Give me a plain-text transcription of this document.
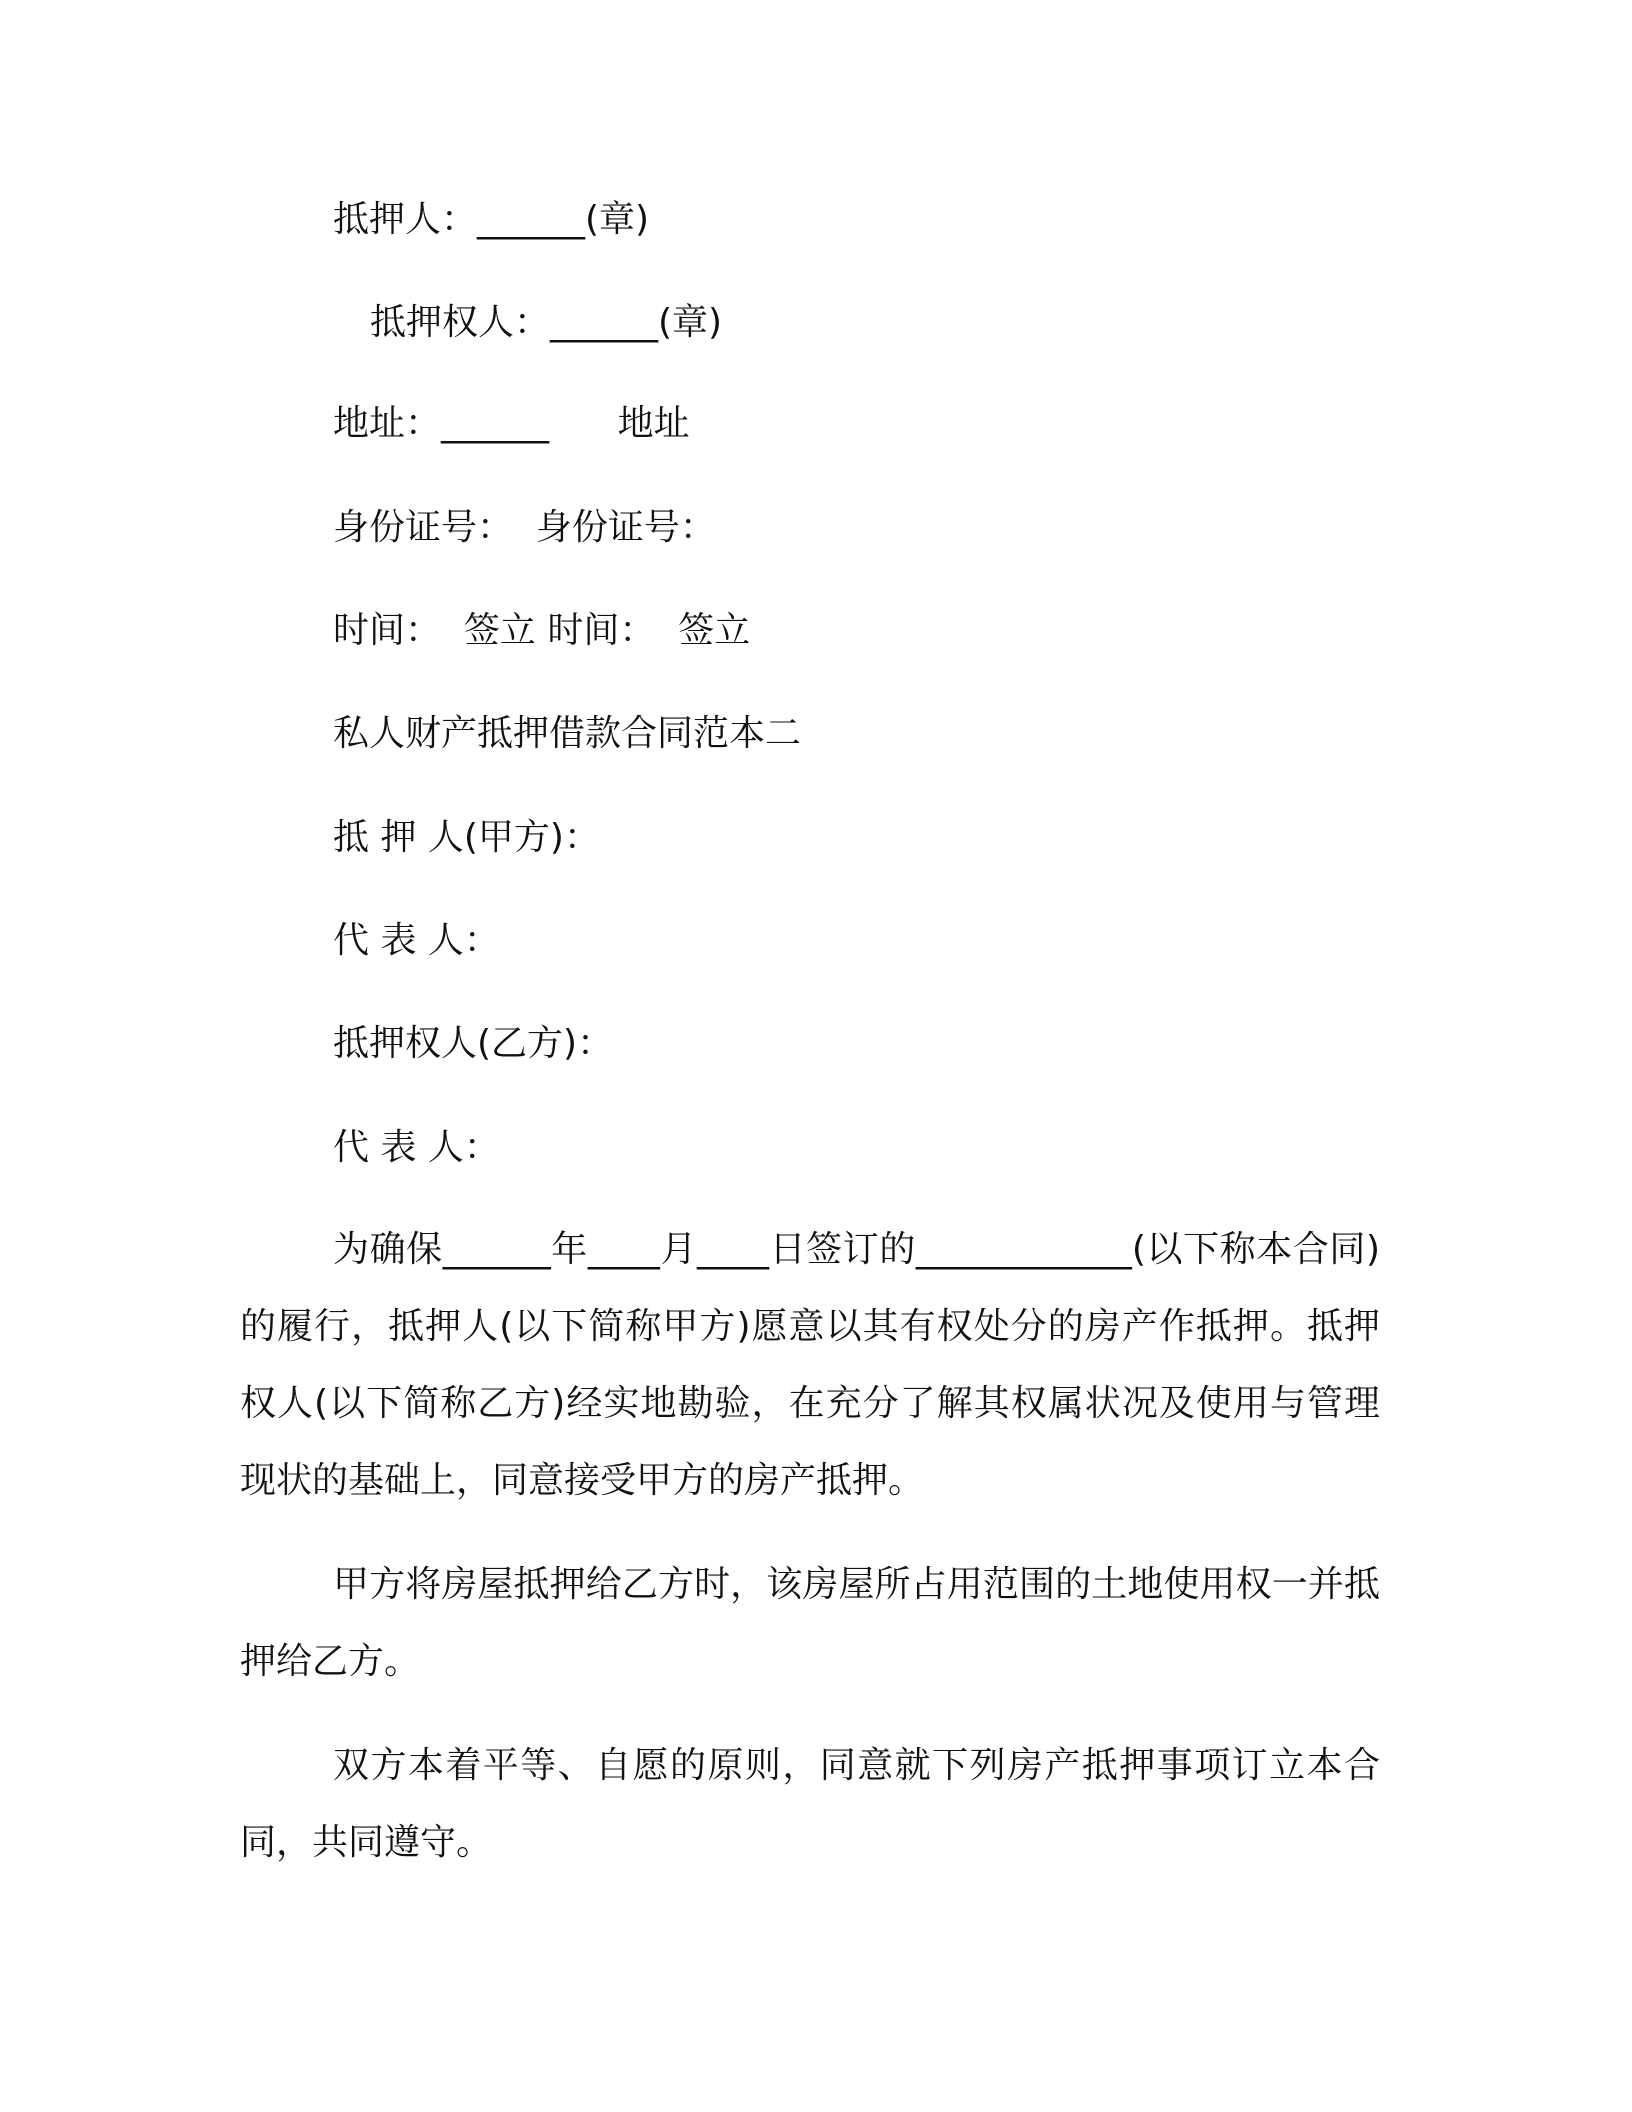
抵押人：______(章)
抵押权人：______(章)
地址：______      地址
身份证号：  身份证号：
时间：  签立 时间：  签立
私人财产抵押借款合同范本二
抵 押 人(甲方)：
代 表 人：
抵押权人(乙方)：
代 表 人：

为确保______年____月____日签订的____________(以下称本合同)的履行，抵押人(以下简称甲方)愿意以其有权处分的房产作抵押。抵押权人(以下简称乙方)经实地勘验，在充分了解其权属状况及使用与管理现状的基础上，同意接受甲方的房产抵押。

甲方将房屋抵押给乙方时，该房屋所占用范围的土地使用权一并抵押给乙方。

双方本着平等、自愿的原则，同意就下列房产抵押事项订立本合同，共同遵守。
